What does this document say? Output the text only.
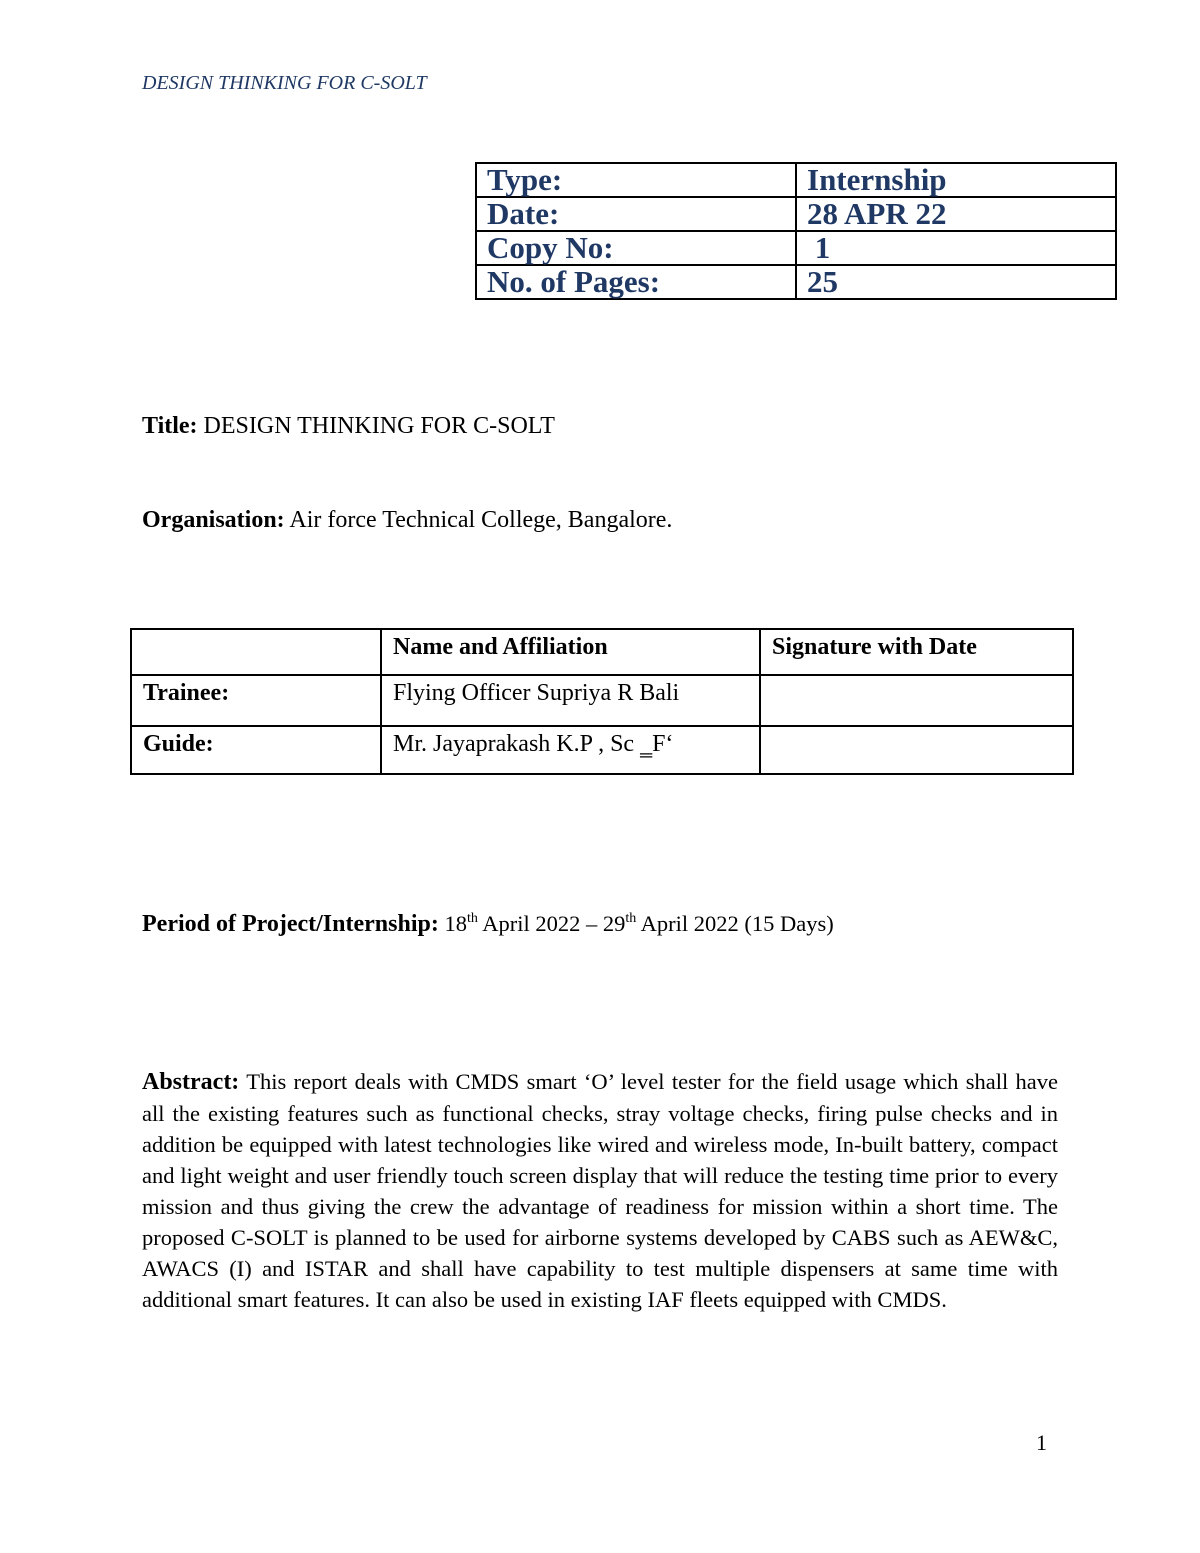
DESIGN THINKING FOR C-SOLT
Type:	Internship
Date:	28 APR 22
Copy No:	1
No. of Pages:	25
Title: DESIGN THINKING FOR C-SOLT
Organisation: Air force Technical College, Bangalore.
	Name and Affiliation	Signature with Date
Trainee:	Flying Officer Supriya R Bali	
Guide:	Mr. Jayaprakash K.P , Sc ‗F‘	
Period of Project/Internship: 18th April 2022 – 29th April 2022 (15 Days)
Abstract: This report deals with CMDS smart ‘O’ level tester for the field usage which shall have all the existing features such as functional checks, stray voltage checks, firing pulse checks and in addition be equipped with latest technologies like wired and wireless mode, In-built battery, compact and light weight and user friendly touch screen display that will reduce the testing time prior to every mission and thus giving the crew the advantage of readiness for mission within a short time. The proposed C-SOLT is planned to be used for airborne systems developed by CABS such as AEW&C, AWACS (I) and ISTAR and shall have capability to test multiple dispensers at same time with additional smart features. It can also be used in existing IAF fleets equipped with CMDS.
1
